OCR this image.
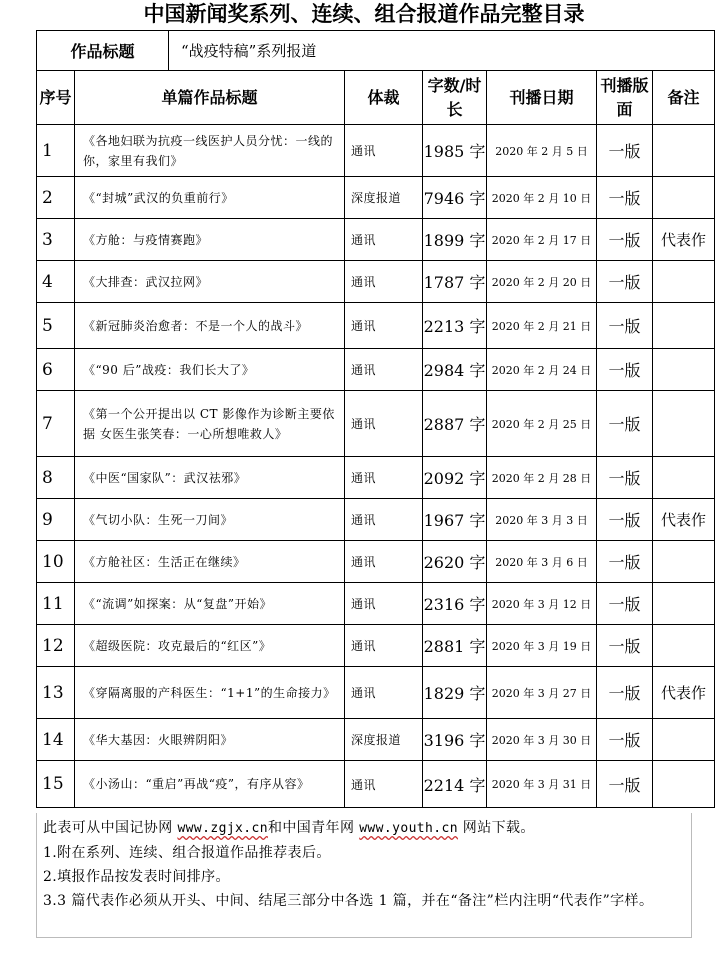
中国新闻奖系列、连续、组合报道作品完整目录
作品标题		“战疫特稿”系列报道					
序号	单篇作品标题		体裁	字数/时长	刊播日期	刊播版面	备注
1	《各地妇联为抗疫一线医护人员分忧：一线的你，家里有我们》		通讯	1985 字	2020 年 2 月 5 日	一版	
2	《“封城”武汉的负重前行》		深度报道	7946 字	2020 年 2 月 10 日	一版	
3	《方舱：与疫情赛跑》		通讯	1899 字	2020 年 2 月 17 日	一版	代表作
4	《大排查：武汉拉网》		通讯	1787 字	2020 年 2 月 20 日	一版	
5	《新冠肺炎治愈者：不是一个人的战斗》		通讯	2213 字	2020 年 2 月 21 日	一版	
6	《“90 后”战疫：我们长大了》		通讯	2984 字	2020 年 2 月 24 日	一版	
7	《第一个公开提出以 CT 影像作为诊断主要依据 女医生张笑春：一心所想唯救人》		通讯	2887 字	2020 年 2 月 25 日	一版	
8	《中医“国家队”：武汉祛邪》		通讯	2092 字	2020 年 2 月 28 日	一版	
9	《气切小队：生死一刀间》		通讯	1967 字	2020 年 3 月 3 日	一版	代表作
10	《方舱社区：生活正在继续》		通讯	2620 字	2020 年 3 月 6 日	一版	
11	《“流调”如探案：从“复盘”开始》		通讯	2316 字	2020 年 3 月 12 日	一版	
12	《超级医院：攻克最后的“红区”》		通讯	2881 字	2020 年 3 月 19 日	一版	
13	《穿隔离服的产科医生：“1+1”的生命接力》		通讯	1829 字	2020 年 3 月 27 日	一版	代表作
14	《华大基因：火眼辨阴阳》		深度报道	3196 字	2020 年 3 月 30 日	一版	
15	《小汤山：“重启”再战“疫”，有序从容》		通讯	2214 字	2020 年 3 月 31 日	一版	

此表可从中国记协网 www.zgjx.cn和中国青年网 www.youth.cn 网站下载。

1.附在系列、连续、组合报道作品推荐表后。

2.填报作品按发表时间排序。

3.3 篇代表作必须从开头、中间、结尾三部分中各选 1 篇，并在“备注”栏内注明“代表作”字样。
